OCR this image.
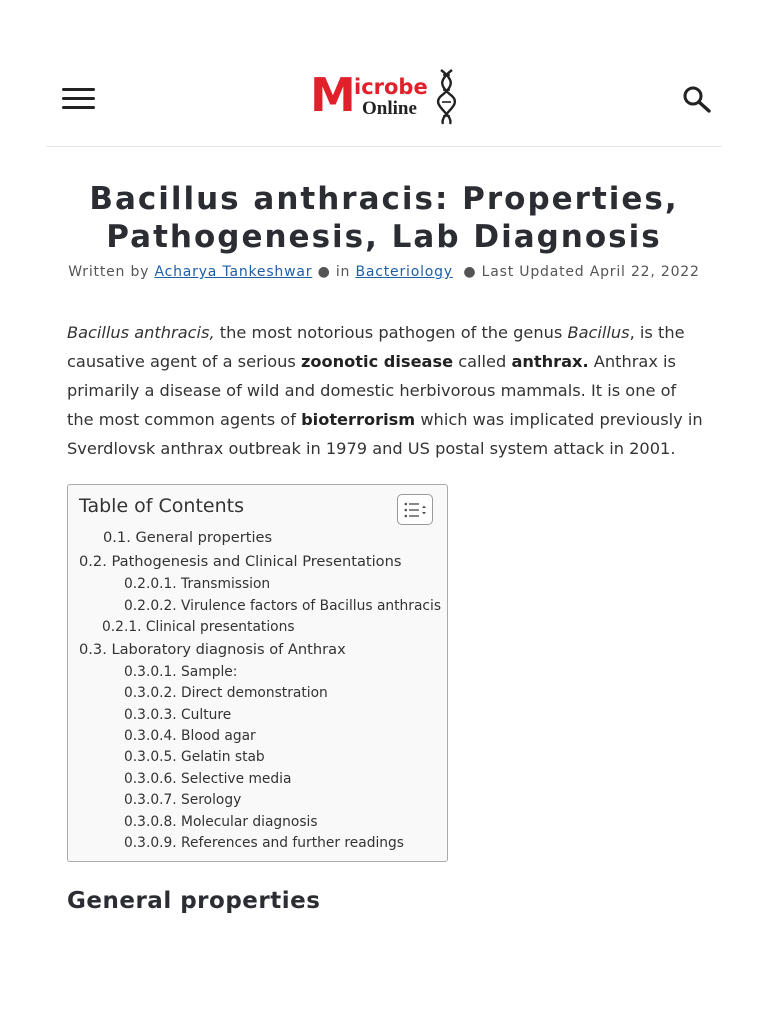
M icrobe
Online
Bacillus anthracis: Properties,
Pathogenesis, Lab Diagnosis
Written by Acharya Tankeshwar ● in Bacteriology ● Last Updated April 22, 2022

Bacillus anthracis, the most notorious pathogen of the genus Bacillus, is the causative agent of a serious zoonotic disease called anthrax. Anthrax is primarily a disease of wild and domestic herbivorous mammals. It is one of the most common agents of bioterrorism which was implicated previously in Sverdlovsk anthrax outbreak in 1979 and US postal system attack in 2001.

Table of Contents
0.1. General properties
0.2. Pathogenesis and Clinical Presentations
0.2.0.1. Transmission
0.2.0.2. Virulence factors of Bacillus anthracis
0.2.1. Clinical presentations
0.3. Laboratory diagnosis of Anthrax
0.3.0.1. Sample:
0.3.0.2. Direct demonstration
0.3.0.3. Culture
0.3.0.4. Blood agar
0.3.0.5. Gelatin stab
0.3.0.6. Selective media
0.3.0.7. Serology
0.3.0.8. Molecular diagnosis
0.3.0.9. References and further readings
General properties
